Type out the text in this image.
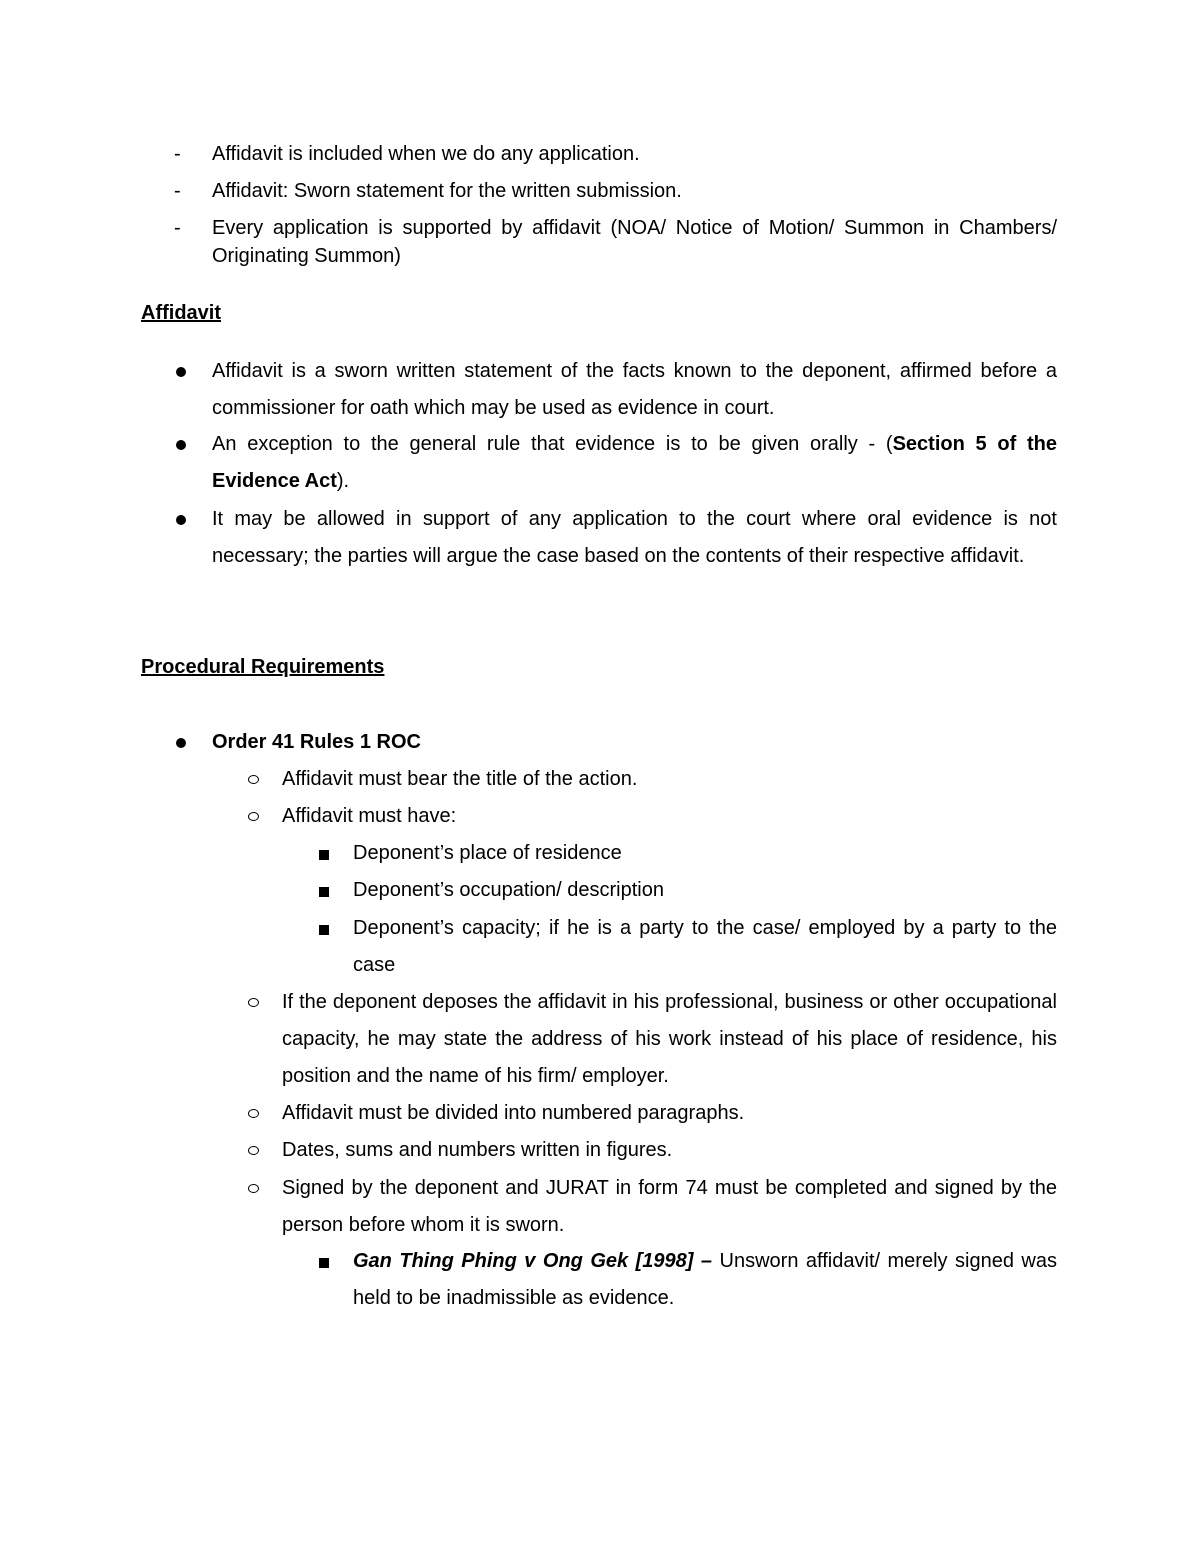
- Affidavit is included when we do any application.
- Affidavit: Sworn statement for the written submission.
- Every application is supported by affidavit (NOA/ Notice of Motion/ Summon in Chambers/ Originating Summon)
Affidavit
Affidavit is a sworn written statement of the facts known to the deponent, affirmed before a commissioner for oath which may be used as evidence in court.
An exception to the general rule that evidence is to be given orally - (Section 5 of the Evidence Act).
It may be allowed in support of any application to the court where oral evidence is not necessary; the parties will argue the case based on the contents of their respective affidavit.
Procedural Requirements
Order 41 Rules 1 ROC
Affidavit must bear the title of the action.
Affidavit must have:
Deponent’s place of residence
Deponent’s occupation/ description
Deponent’s capacity; if he is a party to the case/ employed by a party to the case
If the deponent deposes the affidavit in his professional, business or other occupational capacity, he may state the address of his work instead of his place of residence, his position and the name of his firm/ employer.
Affidavit must be divided into numbered paragraphs.
Dates, sums and numbers written in figures.
Signed by the deponent and JURAT in form 74 must be completed and signed by the person before whom it is sworn.
Gan Thing Phing v Ong Gek [1998] – Unsworn affidavit/ merely signed was held to be inadmissible as evidence.
